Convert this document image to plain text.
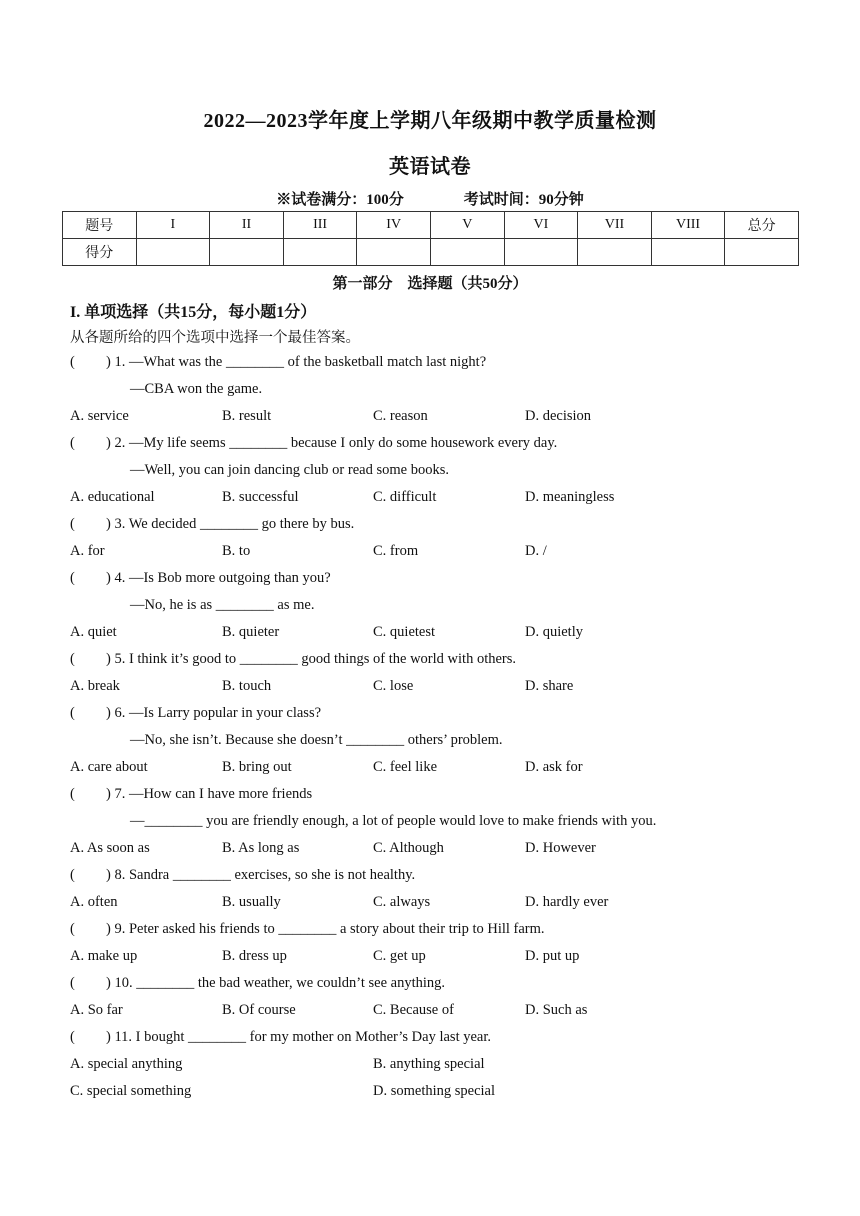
2022—2023学年度上学期八年级期中教学质量检测
英语试卷
※试卷满分：100分	考试时间：90分钟
题号	I	II	III	IV	V	VI	VII	VIII	总分
得分									
第一部分　选择题（共50分）
I. 单项选择（共15分，每小题1分）
从各题所给的四个选项中选择一个最佳答案。
( ) 1. —What was the ________ of the basketball match last night?
—CBA won the game.
A. service	B. result	C. reason	D. decision
( ) 2. —My life seems ________ because I only do some housework every day.
—Well, you can join dancing club or read some books.
A. educational	B. successful	C. difficult	D. meaningless
( ) 3. We decided ________ go there by bus.
A. for	B. to	C. from	D. /
( ) 4. —Is Bob more outgoing than you?
—No, he is as ________ as me.
A. quiet	B. quieter	C. quietest	D. quietly
( ) 5. I think it’s good to ________ good things of the world with others.
A. break	B. touch	C. lose	D. share
( ) 6. —Is Larry popular in your class?
—No, she isn’t. Because she doesn’t ________ others’ problem.
A. care about	B. bring out	C. feel like	D. ask for
( ) 7. —How can I have more friends
—________ you are friendly enough, a lot of people would love to make friends with you.
A. As soon as	B. As long as	C. Although	D. However
( ) 8. Sandra ________ exercises, so she is not healthy.
A. often	B. usually	C. always	D. hardly ever
( ) 9. Peter asked his friends to ________ a story about their trip to Hill farm.
A. make up	B. dress up	C. get up	D. put up
( ) 10. ________ the bad weather, we couldn’t see anything.
A. So far	B. Of course	C. Because of	D. Such as
( ) 11. I bought ________ for my mother on Mother’s Day last year.
A. special anything	B. anything special
C. special something	D. something special
